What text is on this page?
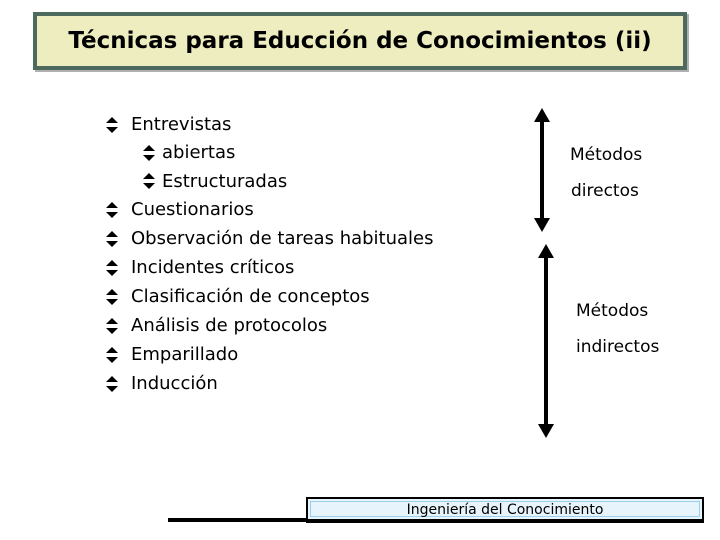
Técnicas para Educción de Conocimientos (ii)
Entrevistas
abiertas
Estructuradas
Cuestionarios
Observación de tareas habituales
Incidentes críticos
Clasificación de conceptos
Análisis de protocolos
Emparillado
Inducción
Métodos
directos
Métodos
indirectos
Ingeniería del Conocimiento
